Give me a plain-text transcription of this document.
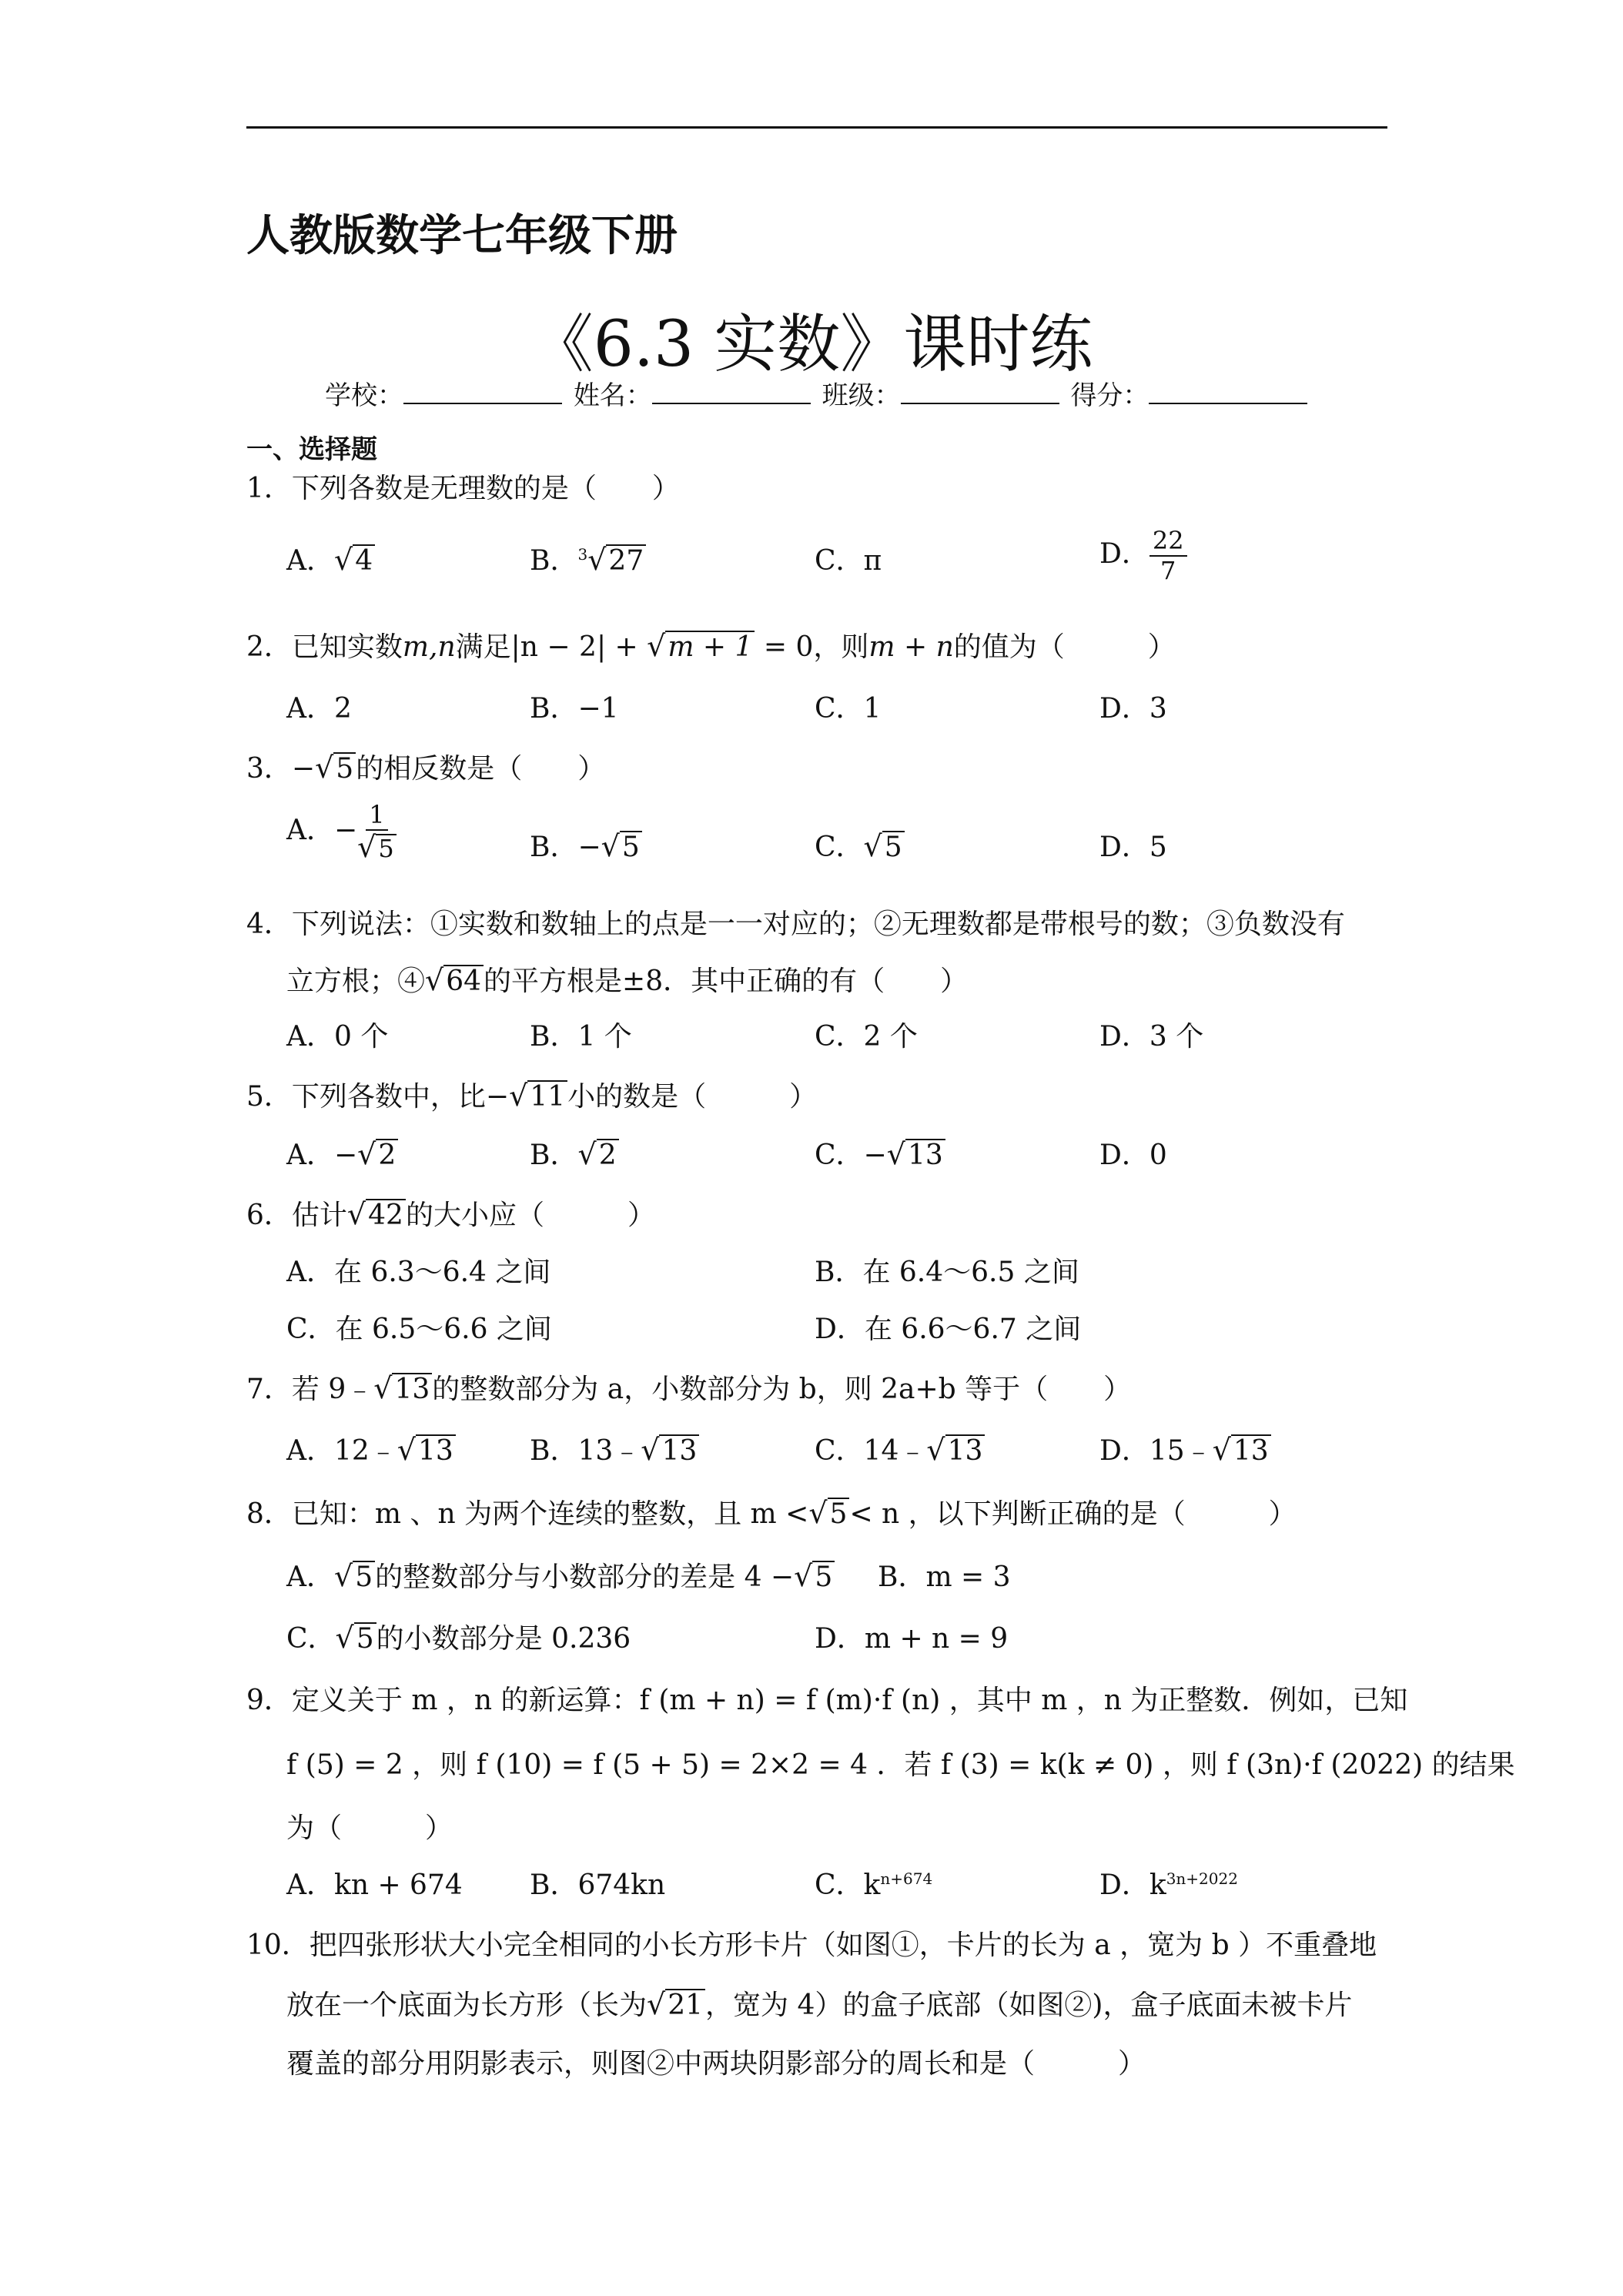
人教版数学七年级下册
《6.3 实数》课时练
学校：	姓名：	班级：	得分：
一、选择题
1．下列各数是无理数的是（　　）
A．√4	B．$^3$√27	C．π	D． $\frac{22}{7}$
2．已知实数m,n满足|n − 2| + √m + 1 = 0，则m + n的值为（　　　）
A．2	B．−1	C．1	D．3
3．−√5的相反数是（　　）
A．− $\frac{1}{√5}$	B．−√5	C．√5	D．5
4．下列说法：①实数和数轴上的点是一一对应的；②无理数都是带根号的数；③负数没有
立方根；④√64的平方根是±8．其中正确的有（　　）
A．0 个	B．1 个	C．2 个	D．3 个
5．下列各数中，比−√11小的数是（　　　）
A．−√2	B．√2	C．−√13	D．0
6．估计√42的大小应（　　　）
A．在 6.3～6.4 之间	B．在 6.4～6.5 之间
C．在 6.5～6.6 之间	D．在 6.6～6.7 之间
7．若 9﹣√13的整数部分为 a，小数部分为 b，则 2a+b 等于（　　）
A．12﹣√13	B．13﹣√13	C．14﹣√13	D．15﹣√13
8．已知：m 、n 为两个连续的整数，且 m <√5< n ，以下判断正确的是（　　　）
A．√5的整数部分与小数部分的差是 4 −√5 B．m = 3
C．√5的小数部分是 0.236	D．m + n = 9
9．定义关于 m ，n 的新运算：f (m + n) = f (m)·f (n) ，其中 m ，n 为正整数．例如，已知
f (5) = 2 ，则 f (10) = f (5 + 5) = 2×2 = 4 ．若 f (3) = k(k ≠ 0) ，则 f (3n)·f (2022) 的结果
为（　　　）
A．kn + 674 B．674kn	C．$k^{n+674}$	D．$k^{3n+2022}$
10．把四张形状大小完全相同的小长方形卡片（如图①，卡片的长为 a ，宽为 b ）不重叠地
放在一个底面为长方形（长为√21，宽为 4）的盒子底部（如图②)，盒子底面未被卡片
覆盖的部分用阴影表示，则图②中两块阴影部分的周长和是（　　　）
